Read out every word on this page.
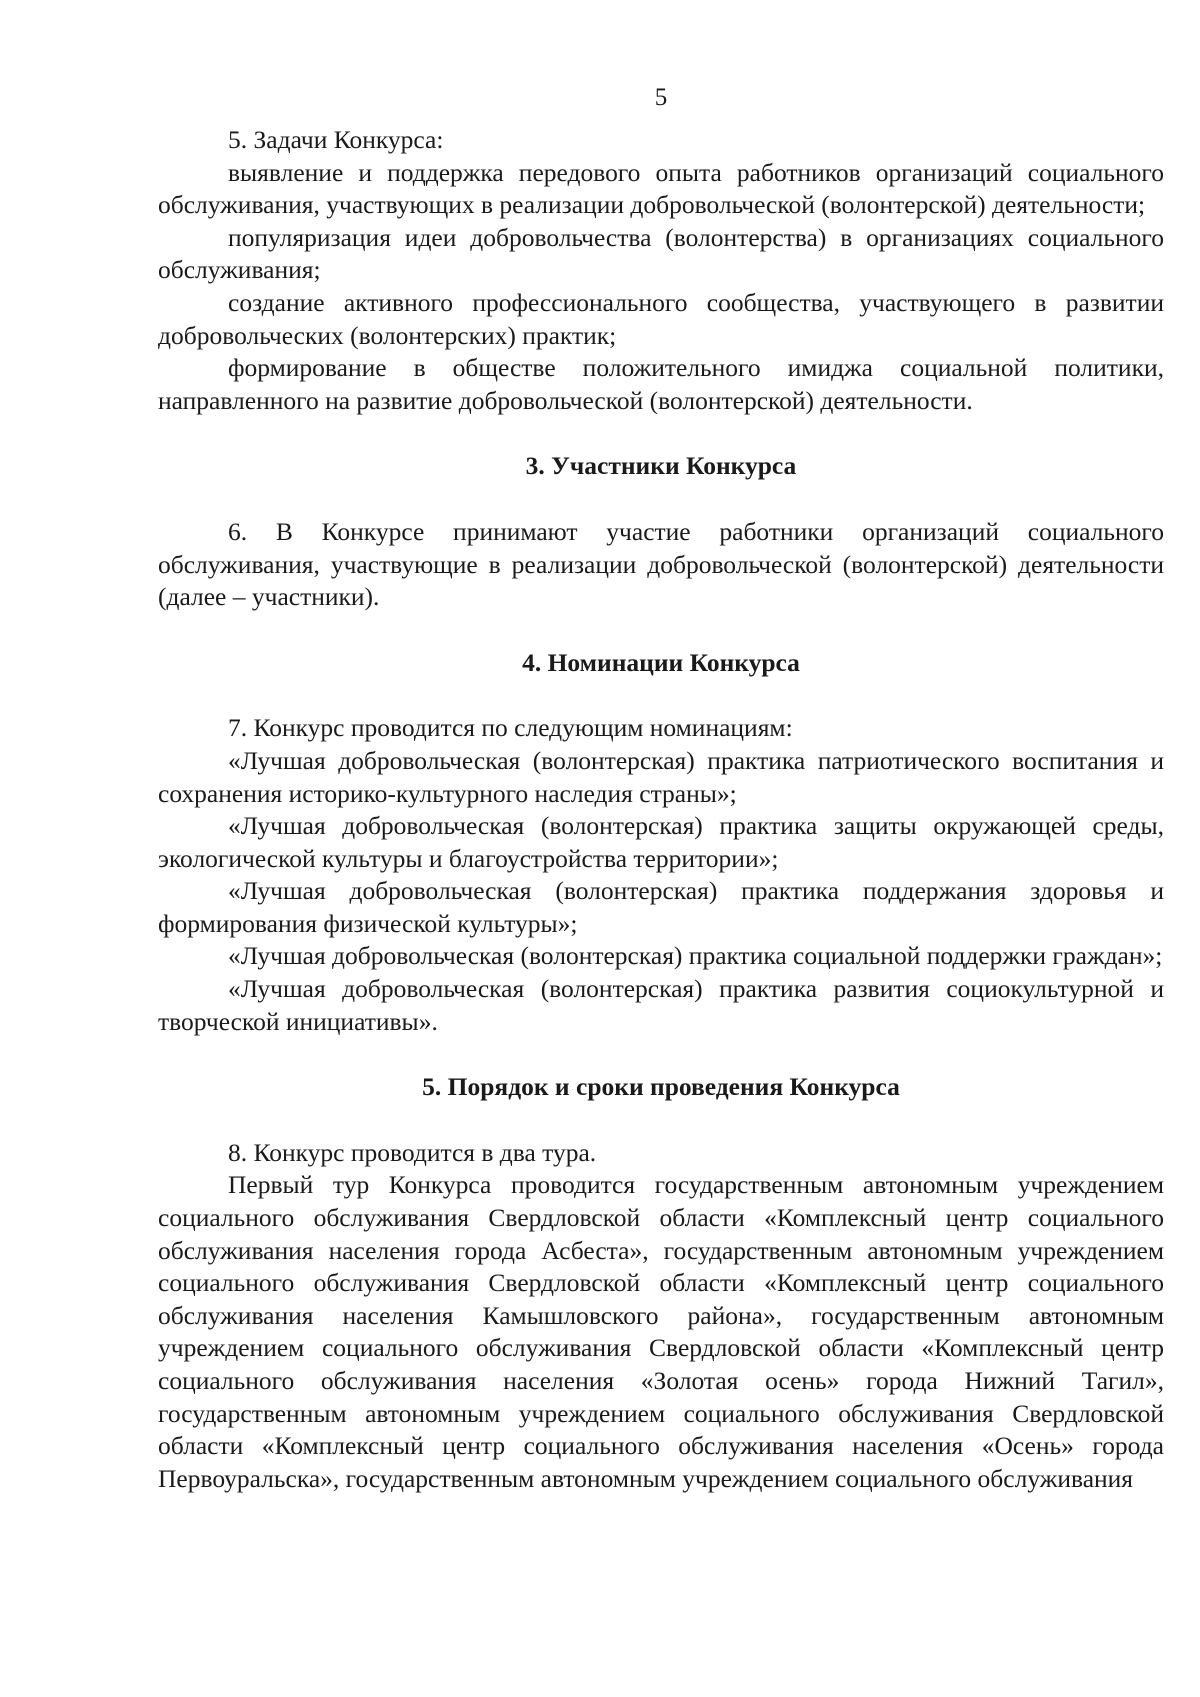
5

5. Задачи Конкурса:

выявление и поддержка передового опыта работников организаций социального обслуживания, участвующих в реализации добровольческой (волонтерской) деятельности;

популяризация идеи добровольчества (волонтерства) в организациях социального обслуживания;

создание активного профессионального сообщества, участвующего в развитии добровольческих (волонтерских) практик;

формирование в обществе положительного имиджа социальной политики, направленного на развитие добровольческой (волонтерской) деятельности.

3. Участники Конкурса

6. В Конкурсе принимают участие работники организаций социального обслуживания, участвующие в реализации добровольческой (волонтерской) деятельности (далее – участники).

4. Номинации Конкурса

7. Конкурс проводится по следующим номинациям:

«Лучшая добровольческая (волонтерская) практика патриотического воспитания и сохранения историко-культурного наследия страны»;

«Лучшая добровольческая (волонтерская) практика защиты окружающей среды, экологической культуры и благоустройства территории»;

«Лучшая добровольческая (волонтерская) практика поддержания здоровья и формирования физической культуры»;

«Лучшая добровольческая (волонтерская) практика социальной поддержки граждан»;

«Лучшая добровольческая (волонтерская) практика развития социокультурной и творческой инициативы».

5. Порядок и сроки проведения Конкурса

8. Конкурс проводится в два тура.

Первый тур Конкурса проводится государственным автономным учреждением социального обслуживания Свердловской области «Комплексный центр социального обслуживания населения города Асбеста», государственным автономным учреждением социального обслуживания Свердловской области «Комплексный центр социального обслуживания населения Камышловского района», государственным автономным учреждением социального обслуживания Свердловской области «Комплексный центр социального обслуживания населения «Золотая осень» города Нижний Тагил», государственным автономным учреждением социального обслуживания Свердловской области «Комплексный центр социального обслуживания населения «Осень» города Первоуральска», государственным автономным учреждением социального обслуживания
